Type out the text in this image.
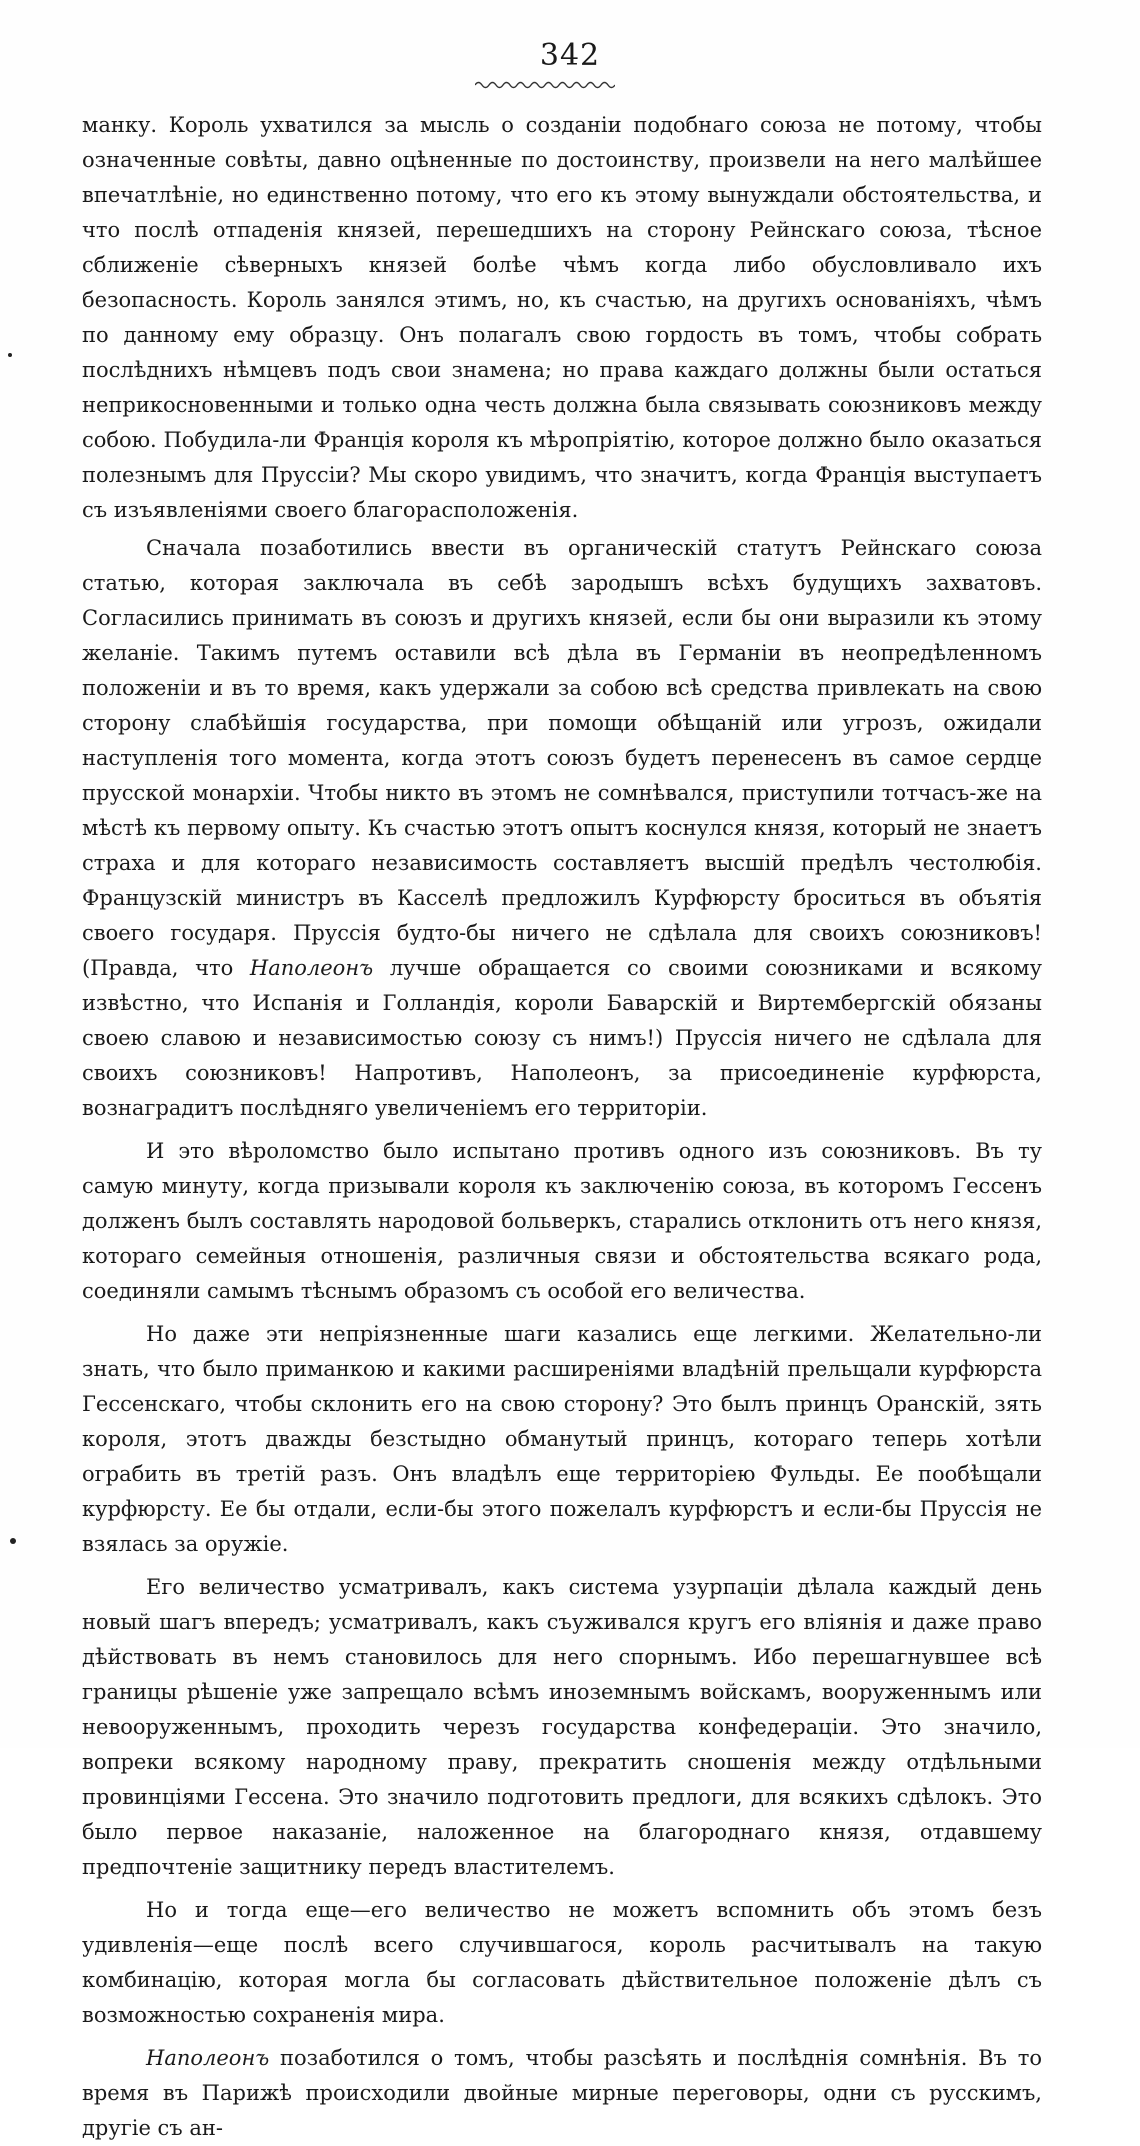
342

манку. Король ухватился за мысль о созданіи подобнаго союза не потому, чтобы означенные совѣты, давно оцѣненные по достоинству, произвели на него малѣйшее впечатлѣніе, но единственно потому, что его къ этому вынуждали обстоятельства, и что послѣ отпаденія князей, перешедшихъ на сторону Рейнскаго союза, тѣсное сближеніе сѣверныхъ князей болѣе чѣмъ когда либо обусловливало ихъ безопасность. Король занялся этимъ, но, къ счастью, на другихъ основаніяхъ, чѣмъ по данному ему образцу. Онъ полагалъ свою гордость въ томъ, чтобы собрать послѣднихъ нѣмцевъ подъ свои знамена; но права каждаго должны были остаться неприкосновенными и только одна честь должна была связывать союзниковъ между собою. Побудила-ли Франція короля къ мѣропріятію, которое должно было оказаться полезнымъ для Пруссіи? Мы скоро увидимъ, что значитъ, когда Франція выступаетъ съ изъявленіями своего благорасположенія.

Сначала позаботились ввести въ органическій статутъ Рейнскаго союза статью, которая заключала въ себѣ зародышъ всѣхъ будущихъ захватовъ. Согласились принимать въ союзъ и другихъ князей, если бы они выразили къ этому желаніе. Такимъ путемъ оставили всѣ дѣла въ Германіи въ неопредѣленномъ положеніи и въ то время, какъ удержали за собою всѣ средства привлекать на свою сторону слабѣйшія государства, при помощи обѣщаній или угрозъ, ожидали наступленія того момента, когда этотъ союзъ будетъ перенесенъ въ самое сердце прусской монархіи. Чтобы никто въ этомъ не сомнѣвался, приступили тотчасъ-же на мѣстѣ къ первому опыту. Къ счастью этотъ опытъ коснулся князя, который не знаетъ страха и для котораго независимость составляетъ высшій предѣлъ честолюбія. Французскій министръ въ Касселѣ предложилъ Курфюрсту броситься въ объятія своего государя. Пруссія будто-бы ничего не сдѣлала для своихъ союзниковъ! (Правда, что Наполеонъ лучше обращается со своими союзниками и всякому извѣстно, что Испанія и Голландія, короли Баварскій и Виртембергскій обязаны своею славою и независимостью союзу съ нимъ!) Пруссія ничего не сдѣлала для своихъ союзниковъ! Напротивъ, Наполеонъ, за присоединеніе курфюрста, вознаградитъ послѣдняго увеличеніемъ его территоріи.

И это вѣроломство было испытано противъ одного изъ союзниковъ. Въ ту самую минуту, когда призывали короля къ заключенію союза, въ которомъ Гессенъ долженъ былъ составлять народовой больверкъ, старались отклонить отъ него князя, котораго семейныя отношенія, различныя связи и обстоятельства всякаго рода, соединяли самымъ тѣснымъ образомъ съ особой его величества.

Но даже эти непріязненные шаги казались еще легкими. Желательно-ли знать, что было приманкою и какими расширеніями владѣній прельщали курфюрста Гессенскаго, чтобы склонить его на свою сторону? Это былъ принцъ Оранскій, зять короля, этотъ дважды безстыдно обманутый принцъ, котораго теперь хотѣли ограбить въ третій разъ. Онъ владѣлъ еще территоріею Фульды. Ее пообѣщали курфюрсту. Ее бы отдали, если-бы этого пожелалъ курфюрстъ и если-бы Пруссія не взялась за оружіе.

Его величество усматривалъ, какъ система узурпаціи дѣлала каждый день новый шагъ впередъ; усматривалъ, какъ съуживался кругъ его вліянія и даже право дѣйствовать въ немъ становилось для него спорнымъ. Ибо перешагнувшее всѣ границы рѣшеніе уже запрещало всѣмъ иноземнымъ войскамъ, вооруженнымъ или невооруженнымъ, проходить черезъ государства конфедераціи. Это значило, вопреки всякому народному праву, прекратить сношенія между отдѣльными провинціями Гессена. Это значило подготовить предлоги, для всякихъ сдѣлокъ. Это было первое наказаніе, наложенное на благороднаго князя, отдавшему предпочтеніе защитнику передъ властителемъ.

Но и тогда еще—его величество не можетъ вспомнить объ этомъ безъ удивленія—еще послѣ всего случившагося, король расчитывалъ на такую комбинацію, которая могла бы согласовать дѣйствительное положеніе дѣлъ съ возможностью сохраненія мира.

Наполеонъ позаботился о томъ, чтобы разсѣять и послѣднія сомнѣнія. Въ то время въ Парижѣ происходили двойные мирные переговоры, одни съ русскимъ, другіе съ ан-
